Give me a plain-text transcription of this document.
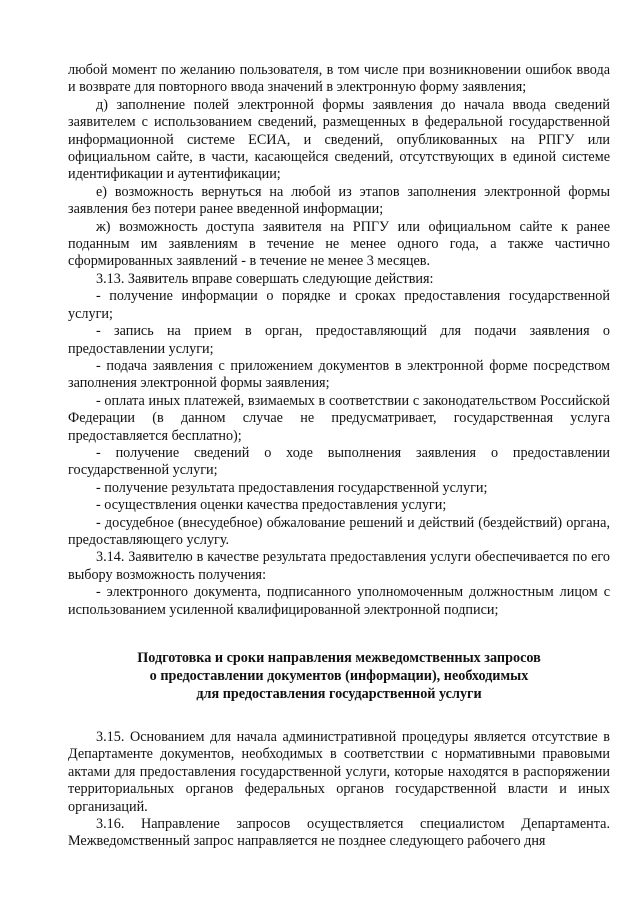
любой момент по желанию пользователя, в том числе при возникновении ошибок ввода и возврате для повторного ввода значений в электронную форму заявления;

д) заполнение полей электронной формы заявления до начала ввода сведений заявителем с использованием сведений, размещенных в федеральной государственной информационной системе ЕСИА, и сведений, опубликованных на РПГУ или официальном сайте, в части, касающейся сведений, отсутствующих в единой системе идентификации и аутентификации;

е) возможность вернуться на любой из этапов заполнения электронной формы заявления без потери ранее введенной информации;

ж) возможность доступа заявителя на РПГУ или официальном сайте к ранее поданным им заявлениям в течение не менее одного года, а также частично сформированных заявлений - в течение не менее 3 месяцев.

3.13. Заявитель вправе совершать следующие действия:

- получение информации о порядке и сроках предоставления государственной услуги;

- запись на прием в орган, предоставляющий для подачи заявления о предоставлении услуги;

- подача заявления с приложением документов в электронной форме посредством заполнения электронной формы заявления;

- оплата иных платежей, взимаемых в соответствии с законодательством Российской Федерации (в данном случае не предусматривает, государственная услуга предоставляется бесплатно);

- получение сведений о ходе выполнения заявления о предоставлении государственной услуги;

- получение результата предоставления государственной услуги;

- осуществления оценки качества предоставления услуги;

- досудебное (внесудебное) обжалование решений и действий (бездействий) органа, предоставляющего услугу.

3.14. Заявителю в качестве результата предоставления услуги обеспечивается по его выбору возможность получения:

- электронного документа, подписанного уполномоченным должностным лицом с использованием усиленной квалифицированной электронной подписи;

Подготовка и сроки направления межведомственных запросов
о предоставлении документов (информации), необходимых
для предоставления государственной услуги

3.15. Основанием для начала административной процедуры является отсутствие в Департаменте документов, необходимых в соответствии с нормативными правовыми актами для предоставления государственной услуги, которые находятся в распоряжении территориальных органов федеральных органов государственной власти и иных организаций.

3.16. Направление запросов осуществляется специалистом Департамента. Межведомственный запрос направляется не позднее следующего рабочего дня
